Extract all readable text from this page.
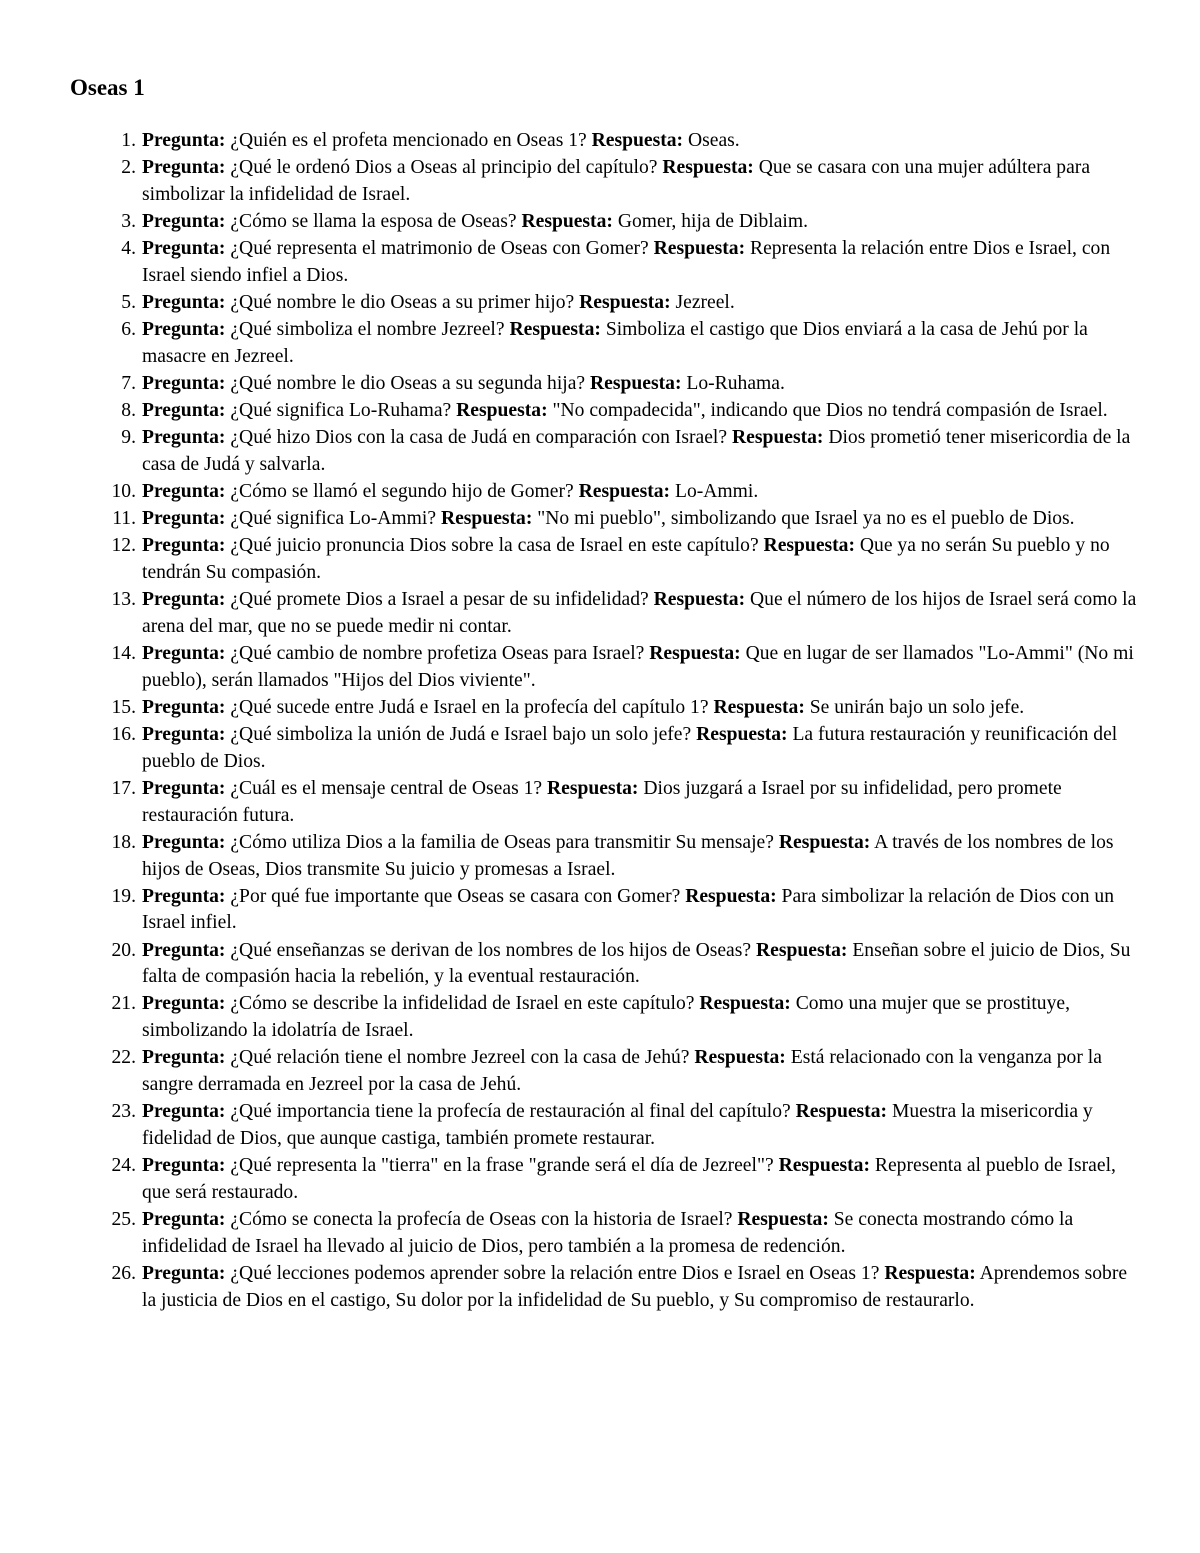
Oseas 1
1. Pregunta: ¿Quién es el profeta mencionado en Oseas 1? Respuesta: Oseas.
2. Pregunta: ¿Qué le ordenó Dios a Oseas al principio del capítulo? Respuesta: Que se casara con una mujer adúltera para simbolizar la infidelidad de Israel.
3. Pregunta: ¿Cómo se llama la esposa de Oseas? Respuesta: Gomer, hija de Diblaim.
4. Pregunta: ¿Qué representa el matrimonio de Oseas con Gomer? Respuesta: Representa la relación entre Dios e Israel, con Israel siendo infiel a Dios.
5. Pregunta: ¿Qué nombre le dio Oseas a su primer hijo? Respuesta: Jezreel.
6. Pregunta: ¿Qué simboliza el nombre Jezreel? Respuesta: Simboliza el castigo que Dios enviará a la casa de Jehú por la masacre en Jezreel.
7. Pregunta: ¿Qué nombre le dio Oseas a su segunda hija? Respuesta: Lo-Ruhama.
8. Pregunta: ¿Qué significa Lo-Ruhama? Respuesta: "No compadecida", indicando que Dios no tendrá compasión de Israel.
9. Pregunta: ¿Qué hizo Dios con la casa de Judá en comparación con Israel? Respuesta: Dios prometió tener misericordia de la casa de Judá y salvarla.
10. Pregunta: ¿Cómo se llamó el segundo hijo de Gomer? Respuesta: Lo-Ammi.
11. Pregunta: ¿Qué significa Lo-Ammi? Respuesta: "No mi pueblo", simbolizando que Israel ya no es el pueblo de Dios.
12. Pregunta: ¿Qué juicio pronuncia Dios sobre la casa de Israel en este capítulo? Respuesta: Que ya no serán Su pueblo y no tendrán Su compasión.
13. Pregunta: ¿Qué promete Dios a Israel a pesar de su infidelidad? Respuesta: Que el número de los hijos de Israel será como la arena del mar, que no se puede medir ni contar.
14. Pregunta: ¿Qué cambio de nombre profetiza Oseas para Israel? Respuesta: Que en lugar de ser llamados "Lo-Ammi" (No mi pueblo), serán llamados "Hijos del Dios viviente".
15. Pregunta: ¿Qué sucede entre Judá e Israel en la profecía del capítulo 1? Respuesta: Se unirán bajo un solo jefe.
16. Pregunta: ¿Qué simboliza la unión de Judá e Israel bajo un solo jefe? Respuesta: La futura restauración y reunificación del pueblo de Dios.
17. Pregunta: ¿Cuál es el mensaje central de Oseas 1? Respuesta: Dios juzgará a Israel por su infidelidad, pero promete restauración futura.
18. Pregunta: ¿Cómo utiliza Dios a la familia de Oseas para transmitir Su mensaje? Respuesta: A través de los nombres de los hijos de Oseas, Dios transmite Su juicio y promesas a Israel.
19. Pregunta: ¿Por qué fue importante que Oseas se casara con Gomer? Respuesta: Para simbolizar la relación de Dios con un Israel infiel.
20. Pregunta: ¿Qué enseñanzas se derivan de los nombres de los hijos de Oseas? Respuesta: Enseñan sobre el juicio de Dios, Su falta de compasión hacia la rebelión, y la eventual restauración.
21. Pregunta: ¿Cómo se describe la infidelidad de Israel en este capítulo? Respuesta: Como una mujer que se prostituye, simbolizando la idolatría de Israel.
22. Pregunta: ¿Qué relación tiene el nombre Jezreel con la casa de Jehú? Respuesta: Está relacionado con la venganza por la sangre derramada en Jezreel por la casa de Jehú.
23. Pregunta: ¿Qué importancia tiene la profecía de restauración al final del capítulo? Respuesta: Muestra la misericordia y fidelidad de Dios, que aunque castiga, también promete restaurar.
24. Pregunta: ¿Qué representa la "tierra" en la frase "grande será el día de Jezreel"? Respuesta: Representa al pueblo de Israel, que será restaurado.
25. Pregunta: ¿Cómo se conecta la profecía de Oseas con la historia de Israel? Respuesta: Se conecta mostrando cómo la infidelidad de Israel ha llevado al juicio de Dios, pero también a la promesa de redención.
26. Pregunta: ¿Qué lecciones podemos aprender sobre la relación entre Dios e Israel en Oseas 1? Respuesta: Aprendemos sobre la justicia de Dios en el castigo, Su dolor por la infidelidad de Su pueblo, y Su compromiso de restaurarlo.
